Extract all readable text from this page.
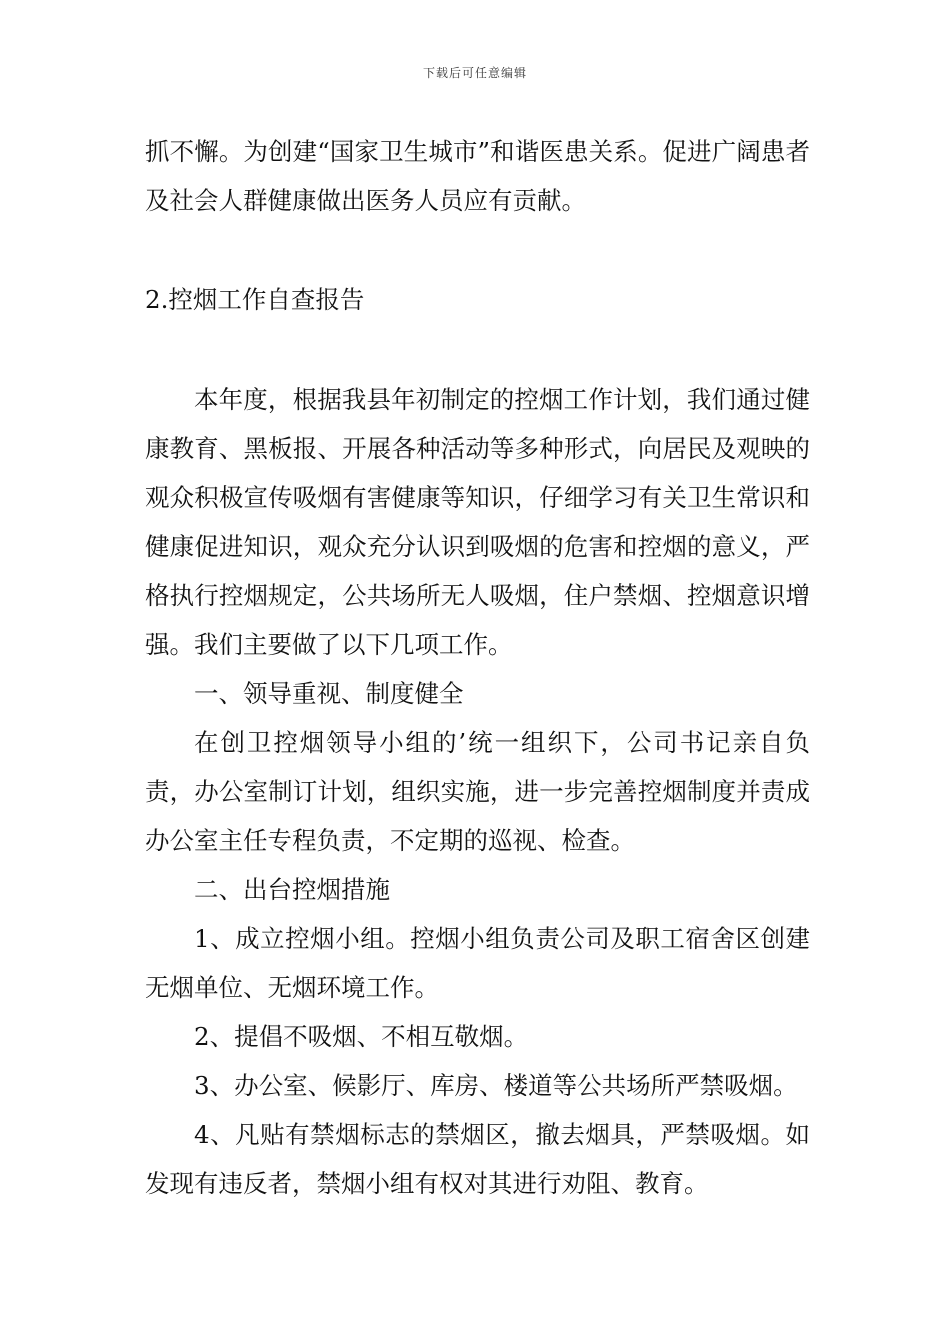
下载后可任意编辑

抓不懈。为创建“国家卫生城市”和谐医患关系。促进广阔患者及社会人群健康做出医务人员应有贡献。

2.控烟工作自查报告

本年度，根据我县年初制定的控烟工作计划，我们通过健康教育、黑板报、开展各种活动等多种形式，向居民及观映的观众积极宣传吸烟有害健康等知识，仔细学习有关卫生常识和健康促进知识，观众充分认识到吸烟的危害和控烟的意义，严格执行控烟规定，公共场所无人吸烟，住户禁烟、控烟意识增强。我们主要做了以下几项工作。

一、领导重视、制度健全

在创卫控烟领导小组的’统一组织下，公司书记亲自负责，办公室制订计划，组织实施，进一步完善控烟制度并责成办公室主任专程负责，不定期的巡视、检查。

二、出台控烟措施

1、成立控烟小组。控烟小组负责公司及职工宿舍区创建无烟单位、无烟环境工作。

2、提倡不吸烟、不相互敬烟。

3、办公室、候影厅、库房、楼道等公共场所严禁吸烟。

4、凡贴有禁烟标志的禁烟区，撤去烟具，严禁吸烟。如发现有违反者，禁烟小组有权对其进行劝阻、教育。
